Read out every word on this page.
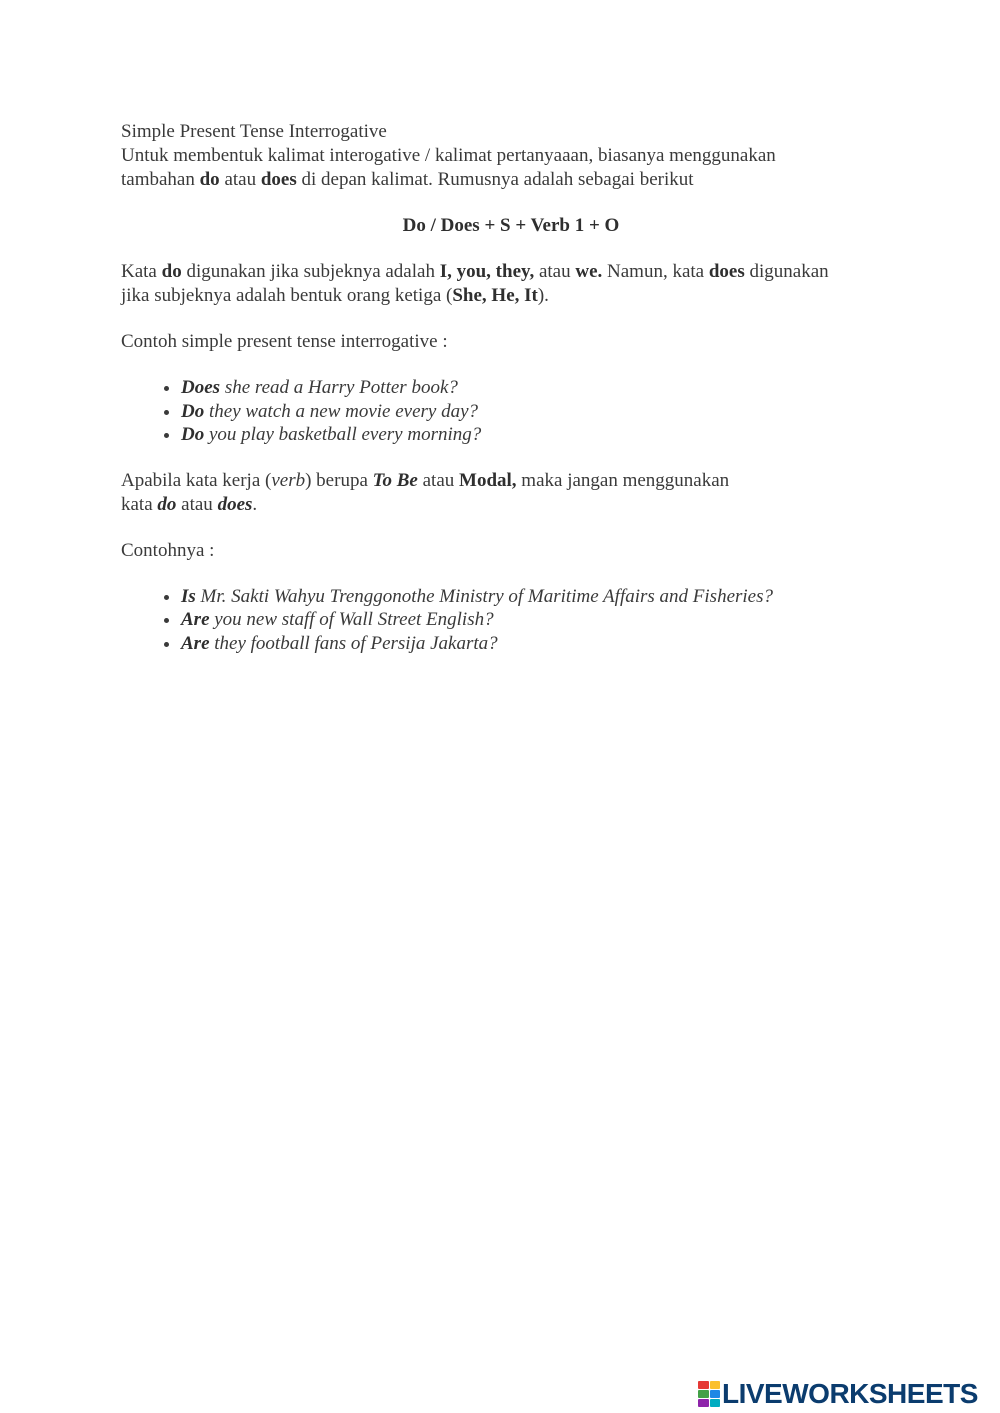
Simple Present Tense Interrogative

Untuk membentuk kalimat interogative / kalimat pertanyaaan, biasanya menggunakan

tambahan do atau does di depan kalimat. Rumusnya adalah sebagai berikut

Do / Does + S + Verb 1 + O

Kata do digunakan jika subjeknya adalah I, you, they, atau we. Namun, kata does digunakan

jika subjeknya adalah bentuk orang ketiga (She, He, It).

Contoh simple present tense interrogative :

• Does she read a Harry Potter book?
• Do they watch a new movie every day?
• Do you play basketball every morning?

Apabila kata kerja (verb) berupa To Be atau Modal, maka jangan menggunakan

kata do atau does.

Contohnya :

• Is Mr. Sakti Wahyu Trenggonothe Ministry of Maritime Affairs and Fisheries?
• Are you new staff of Wall Street English?
• Are they football fans of Persija Jakarta?
LIVEWORKSHEETS
